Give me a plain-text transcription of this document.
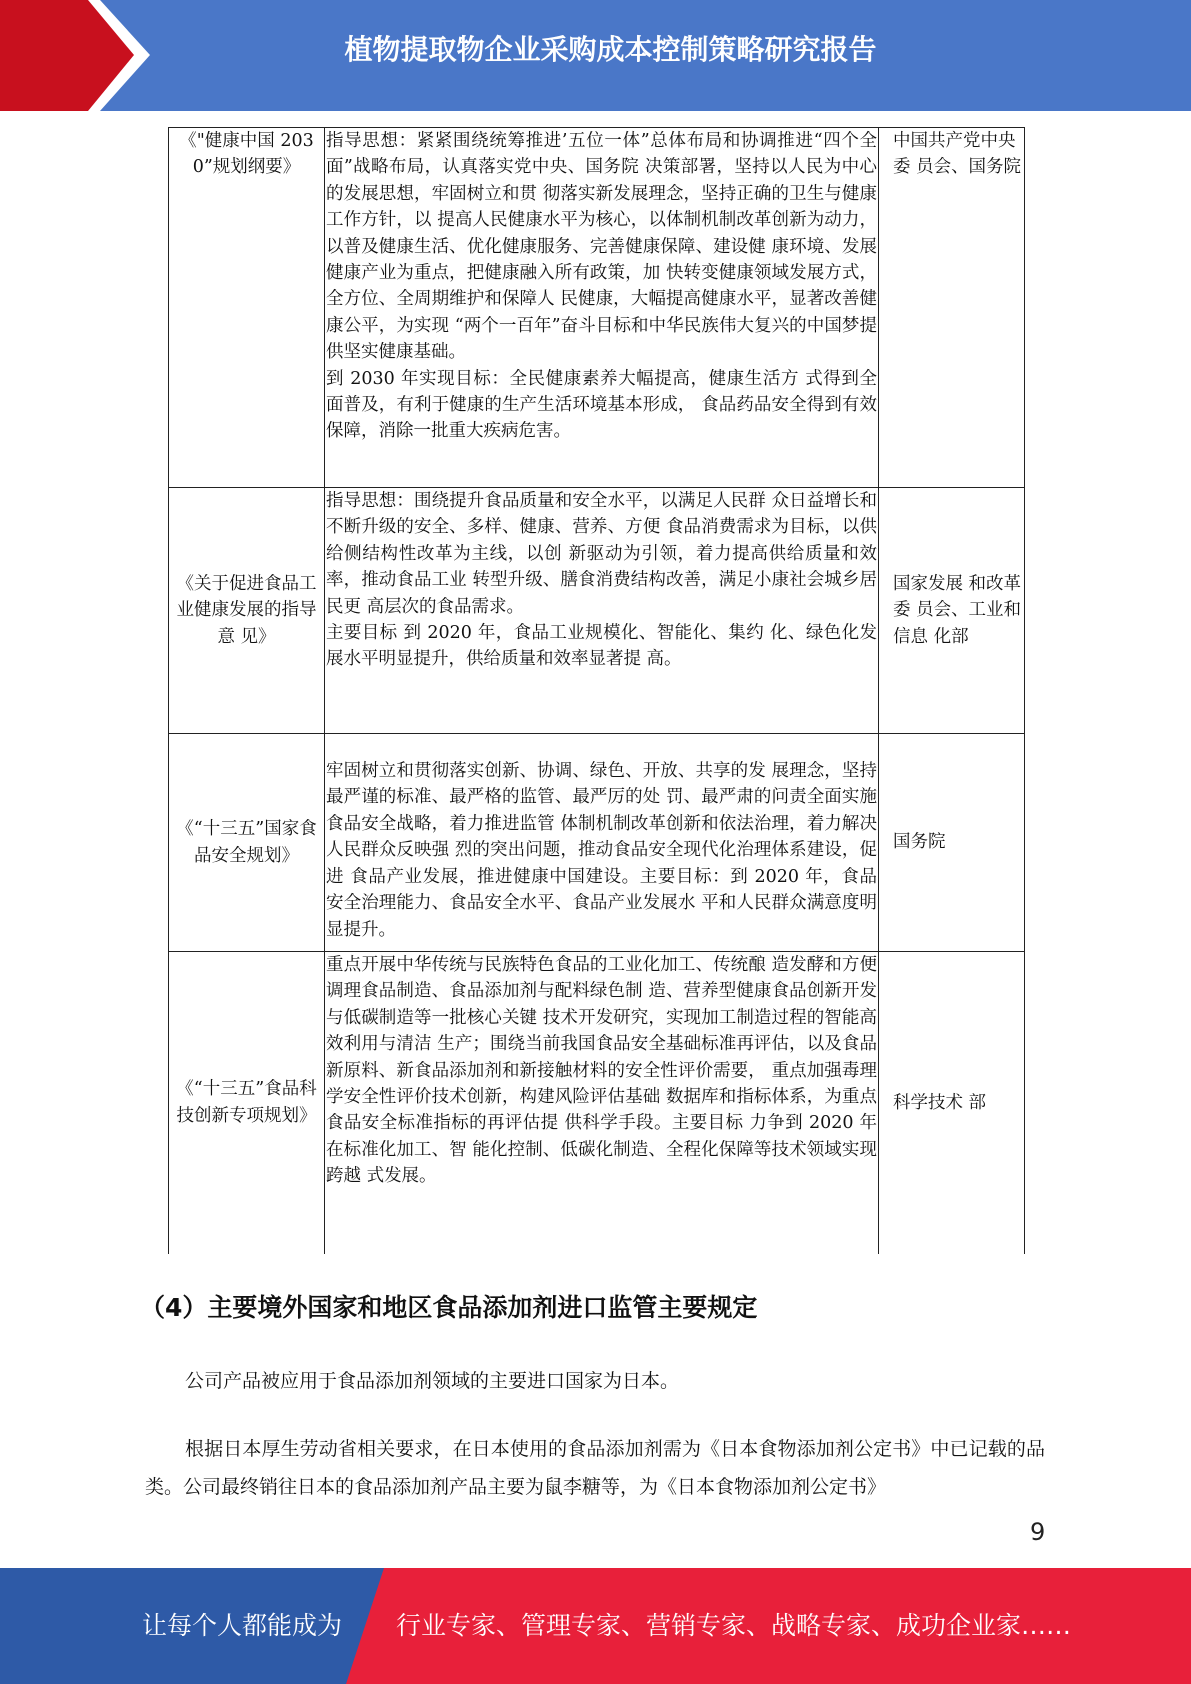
植物提取物企业采购成本控制策略研究报告
《"健康中国 2030”规划纲要》	指导思想：紧紧围绕统筹推进’五位一体”总体布局和协调推进“四个全面”战略布局，认真落实党中央、国务院 决策部署，坚持以人民为中心的发展思想，牢固树立和贯 彻落实新发展理念，坚持正确的卫生与健康工作方针，以 提高人民健康水平为核心，以体制机制改革创新为动力， 以普及健康生活、优化健康服务、完善健康保障、建设健 康环境、发展健康产业为重点，把健康融入所有政策，加 快转变健康领域发展方式，全方位、全周期维护和保障人 民健康，大幅提高健康水平，显著改善健康公平，为实现 “两个一百年”奋斗目标和中华民族伟大复兴的中国梦提 供坚实健康基础。
到 2030 年实现目标：全民健康素养大幅提高，健康生活方 式得到全面普及，有利于健康的生产生活环境基本形成， 食品药品安全得到有效保障，消除一批重大疾病危害。	中国共产党中央委 员会、国务院
《关于促进食品工业健康发展的指导意 见》	指导思想：围绕提升食品质量和安全水平，以满足人民群 众日益增长和不断升级的安全、多样、健康、营养、方便 食品消费需求为目标，以供给侧结构性改革为主线，以创 新驱动为引领，着力提高供给质量和效率，推动食品工业 转型升级、膳食消费结构改善，满足小康社会城乡居民更 高层次的食品需求。
主要目标 到 2020 年，食品工业规模化、智能化、集约 化、绿色化发展水平明显提升，供给质量和效率显著提 高。	国家发展 和改革委 员会、工业和信息 化部
《“十三五”国家食品安全规划》	牢固树立和贯彻落实创新、协调、绿色、开放、共享的发 展理念，坚持最严谨的标准、最严格的监管、最严厉的处 罚、最严肃的问责全面实施食品安全战略，着力推进监管 体制机制改革创新和依法治理，着力解决人民群众反映强 烈的突出问题，推动食品安全现代化治理体系建设，促进 食品产业发展，推进健康中国建设。主要目标：到 2020 年，食品安全治理能力、食品安全水平、食品产业发展水 平和人民群众满意度明显提升。	国务院
《“十三五”食品科技创新专项规划》	重点开展中华传统与民族特色食品的工业化加工、传统酿 造发酵和方便调理食品制造、食品添加剂与配料绿色制 造、营养型健康食品创新开发与低碳制造等一批核心关键 技术开发研究，实现加工制造过程的智能高效利用与清洁 生产；围绕当前我国食品安全基础标准再评估，以及食品 新原料、新食品添加剂和新接触材料的安全性评价需要， 重点加强毒理学安全性评价技术创新，构建风险评估基础 数据库和指标体系，为重点食品安全标准指标的再评估提 供科学手段。主要目标 力争到 2020 年在标准化加工、智 能化控制、低碳化制造、全程化保障等技术领域实现跨越 式发展。	科学技术 部
（4）主要境外国家和地区食品添加剂进口监管主要规定
公司产品被应用于食品添加剂领域的主要进口国家为日本。
根据日本厚生劳动省相关要求，在日本使用的食品添加剂需为《日本食物添加剂公定书》中已记载的品类。公司最终销往日本的食品添加剂产品主要为鼠李糖等，为《日本食物添加剂公定书》
9
让每个人都能成为 行业专家、管理专家、营销专家、战略专家、成功企业家……
